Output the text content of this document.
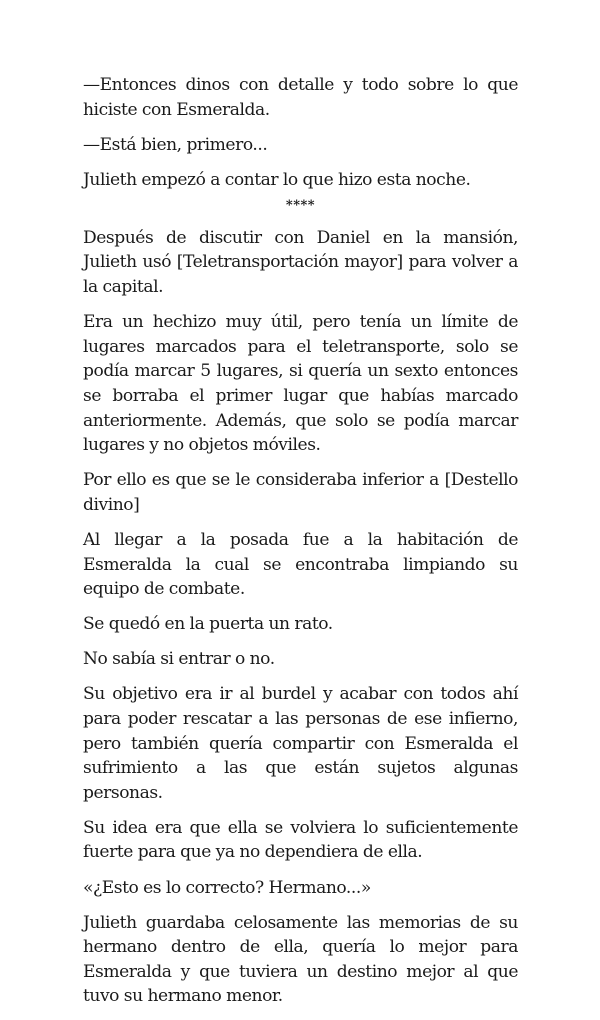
—Entonces dinos con detalle y todo sobre lo que hiciste con Esmeralda.

—Está bien, primero...

Julieth empezó a contar lo que hizo esta noche.

****

Después de discutir con Daniel en la mansión, Julieth usó [Teletransportación mayor] para volver a la capital.

Era un hechizo muy útil, pero tenía un límite de lugares marcados para el teletransporte, solo se podía marcar 5 lugares, si quería un sexto entonces se borraba el primer lugar que habías marcado anteriormente. Además, que solo se podía marcar lugares y no objetos móviles.

Por ello es que se le consideraba inferior a [Destello divino]

Al llegar a la posada fue a la habitación de Esmeralda la cual se encontraba limpiando su equipo de combate.

Se quedó en la puerta un rato.

No sabía si entrar o no.

Su objetivo era ir al burdel y acabar con todos ahí para poder rescatar a las personas de ese infierno, pero también quería compartir con Esmeralda el sufrimiento a las que están sujetos algunas personas.

Su idea era que ella se volviera lo suficientemente fuerte para que ya no dependiera de ella.

«¿Esto es lo correcto? Hermano...»

Julieth guardaba celosamente las memorias de su hermano dentro de ella, quería lo mejor para Esmeralda y que tuviera un destino mejor al que tuvo su hermano menor.
